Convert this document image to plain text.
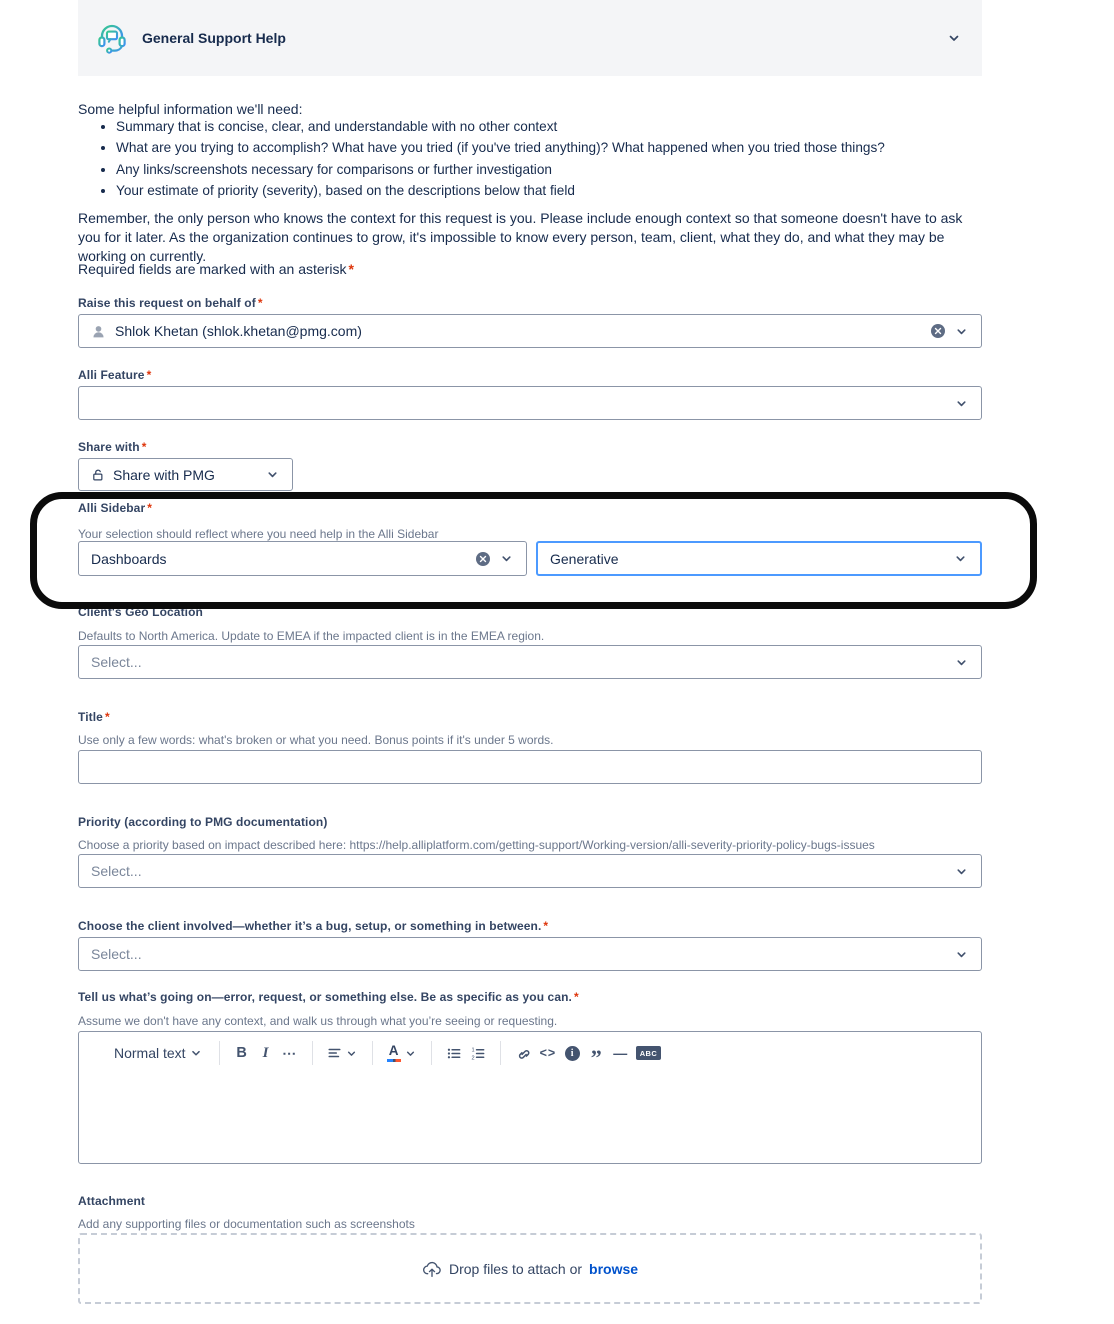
General Support Help
Some helpful information we'll need:
Summary that is concise, clear, and understandable with no other context
What are you trying to accomplish? What have you tried (if you've tried anything)? What happened when you tried those things?
Any links/screenshots necessary for comparisons or further investigation
Your estimate of priority (severity), based on the descriptions below that field
Remember, the only person who knows the context for this request is you. Please include enough context so that someone doesn't have to ask you for it later. As the organization continues to grow, it's impossible to know every person, team, client, what they do, and what they may be working on currently.
Required fields are marked with an asterisk *
Raise this request on behalf of *
Shlok Khetan (shlok.khetan@pmg.com)
Alli Feature *
Share with *
Share with PMG
Alli Sidebar *
Your selection should reflect where you need help in the Alli Sidebar
Dashboards	Generative
Client's Geo Location
Defaults to North America. Update to EMEA if the impacted client is in the EMEA region.
Select...
Title *
Use only a few words: what's broken or what you need. Bonus points if it's under 5 words.
Priority (according to PMG documentation)
Choose a priority based on impact described here: https://help.alliplatform.com/getting-support/Working-version/alli-severity-priority-policy-bugs-issues
Select...
Choose the client involved—whether it’s a bug, setup, or something in between. *
Select...
Tell us what’s going on—error, request, or something else. Be as specific as you can. *
Assume we don't have any context, and walk us through what you’re seeing or requesting.
Normal text	B	I ⋯	A	1
2	<>	i ” —	ABC
Attachment
Add any supporting files or documentation such as screenshots
Drop files to attach or browse
